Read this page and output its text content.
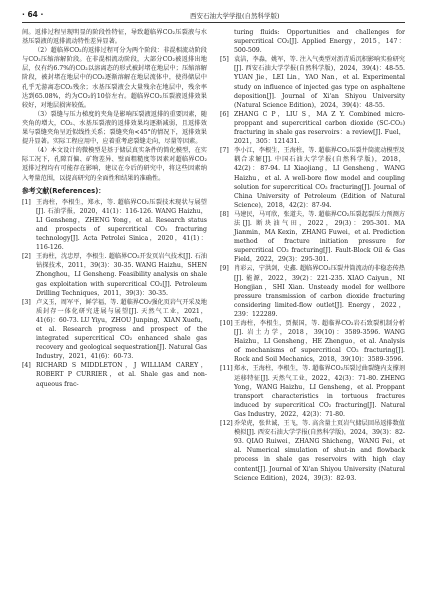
· 64 ·	西安石油大学学报(自然科学版)

间。返排过程呈现明显的阶段性特征，导致超临界CO₂压裂液与水基压裂液的返排流动特性差异显著。

（2）超临界CO₂的返排过程可分为两个阶段：非混相流动阶段与CO₂压缩溶解阶段。在非混相流动阶段，大部分CO₂被返排出地层，仅有约6.7%的CO₂以溶离态的形式被封堵在地层中；压缩溶解阶段，被封堵在地层中的CO₂逐渐溶解在地层流体中，使得储层中孔乎无游离态CO₂残余；水基压裂液会大量残余在地层中，残余率达到65.08%，约为CO₂的10倍左右。超临界CO₂压裂液返排效果较好，对地层损害较低。

（3）裂缝与压力梯度的夹角是影响压裂液返排的重要因素，随夹角的增大，CO₂、水基压裂液的返排效果均逐渐减弱，且返排效果与裂缝夹角呈近似线性关系；裂缝夹角<45°的情况下，返排效果提升显著。实际工程应用中，应着重考虑裂缝走向，尽量等因素。

（4）本文设计的微模型是基于储层真实条件的简化模型，在实际工况下，孔隙百偏、矿物差异、壁面粗糙度等因素对超临界CO₂返排过程均有可能存在影响，建议在今后的研究中，将这些因素纳入考量范围，以提高研究的全面性和结果的准确性。

参考文献(References)：
[1] 王海柱，李根生，郑永，等. 超临界CO₂压裂技术现状与展望[J]. 石油学报，2020，41(1)：116-126. WANG Haizhu，LI Gensheng，ZHENG Yong，et al. Research status and prospects of supercritical CO₂ fracturing technology[J]. Acta Petrolei Sinica，2020，41(1)：116-126.
[2] 王海柱，沈忠厚，李根生. 超临界CO₂开发页岩气技术[J]. 石油钻探技术，2011，39(3)：30-35. WANG Haizhu，SHEN Zhonghou，LI Gensheng. Feasibility analysis on shale gas exploitation with supercritical CO₂[J]. Petroleum Drilling Techniques，2011，39(3)：30-35.
[3] 卢义玉，周军平，鲜学福，等. 超临界CO₂强化页岩气开采及地质封存一体化研究进展与展望[J]. 天然气工业，2021，41(6)：60-73. LU Yiyu，ZHOU Junping，XIAN Xuefu，et al. Research progress and prospect of the integrated supercritical CO₂ enhanced shale gas recovery and geological sequestration[J]. Natural Gas Industry，2021，41(6)：60-73.
[4] RICHARD S MIDDLETON，J WILLIAM CAREY，ROBERT P CURRIER，et al. Shale gas and non-aqueous frac-
turing fluids: Opportunities and challenges for supercritical CO₂[J]. Applied Energy，2015，147：500-509.
[5] 袁洁，李淼，姚军，等. 注入气类型对沥青质沉积影响实验研究[J]. 西安石油大学学报(自然科学版)，2024，39(4)：48-55. YUAN Jie，LEI Lin，YAO Nan，et al. Experimental study on influence of injected gas type on asphaltene deposition[J]. Journal of Xi'an Shiyou University (Natural Science Edition)，2024，39(4)：48-55.
[6] ZHANG C P，LIU S，MA Z Y. Combined micro-proppant and supercritical carbon dioxide (SC-CO₂) fracturing in shale gas reservoirs：a review[J]. Fuel，2021，305：121431.
[7] 李小江，李根生，王海柱，等. 超临界CO₂压裂井筒流动模型及耦合求解[J]. 中国石油大学学报(自然科学版)，2018，42(2)：87-94. LI Xiaojiang，LI Gensheng，WANG Haizhu，et al. A well-bore flow model and coupling solution for supercritical CO₂ fracturing[J]. Journal of China University of Petroleum (Edition of Natural Science)，2018，42(2)：87-94.
[8] 马建民，马可欣，张道夫，等. 超临界CO₂压裂起裂压力预测方法[J]. 断块油气田，2022，29(3)：295-301. MA Jianmin，MA Kexin，ZHANG Fuwei，et al. Prediction method of fracture initiation pressure for supercritical CO₂ fracturing[J]. Fault-Block Oil & Gas Field，2022，29(3)：295-301.
[9] 肖彩云，宁洪剑，史鑫. 超临界CO₂压裂井筒流动的非稳态传热[J]. 能源，2022，39(2)：221-235. XIAO Caiyun，NI Hongjian，SHI Xian. Unsteady model for wellbore pressure transmission of carbon dioxide fracturing considering limited-flow outlet[J]. Energy，2022，239：122289.
[10] 王海柱，李根生，贾振国，等. 超临界CO₂岩石致裂机制分析[J]. 岩土力学，2018，39(10)：3589-3596. WANG Haizhu，LI Gensheng，HE Zhenguo，et al. Analysis of mechanisms of supercritical CO₂ fracturing[J]. Rock and Soil Mechanics，2018，39(10)：3589-3596.
[11] 郑永，王海柱，李根生，等. 超临界CO₂压裂过曲裂缝内支撑剂运移特征[J]. 天然气工业，2022，42(3)：71-80. ZHENG Yong，WANG Haizhu，LI Gensheng，et al. Proppant transport characteristics in tortuous fractures induced by supercritical CO₂ fracturing[J]. Natural Gas Industry，2022，42(3)：71-80.
[12] 乔荣虎，张世诚，王飞，等. 高含量土页岩气储层回吊返排数值模拟[J]. 西安石油大学学报(自然科学版)，2024，39(3)：82-93. QIAO Ruiwei，ZHANG Shicheng，WANG Fei，et al. Numerical simulation of shut-in and flowback process in shale gas reservoirs with high clay content[J]. Journal of Xi'an Shiyou University (Natural Science Edition)，2024，39(3)：82-93.
